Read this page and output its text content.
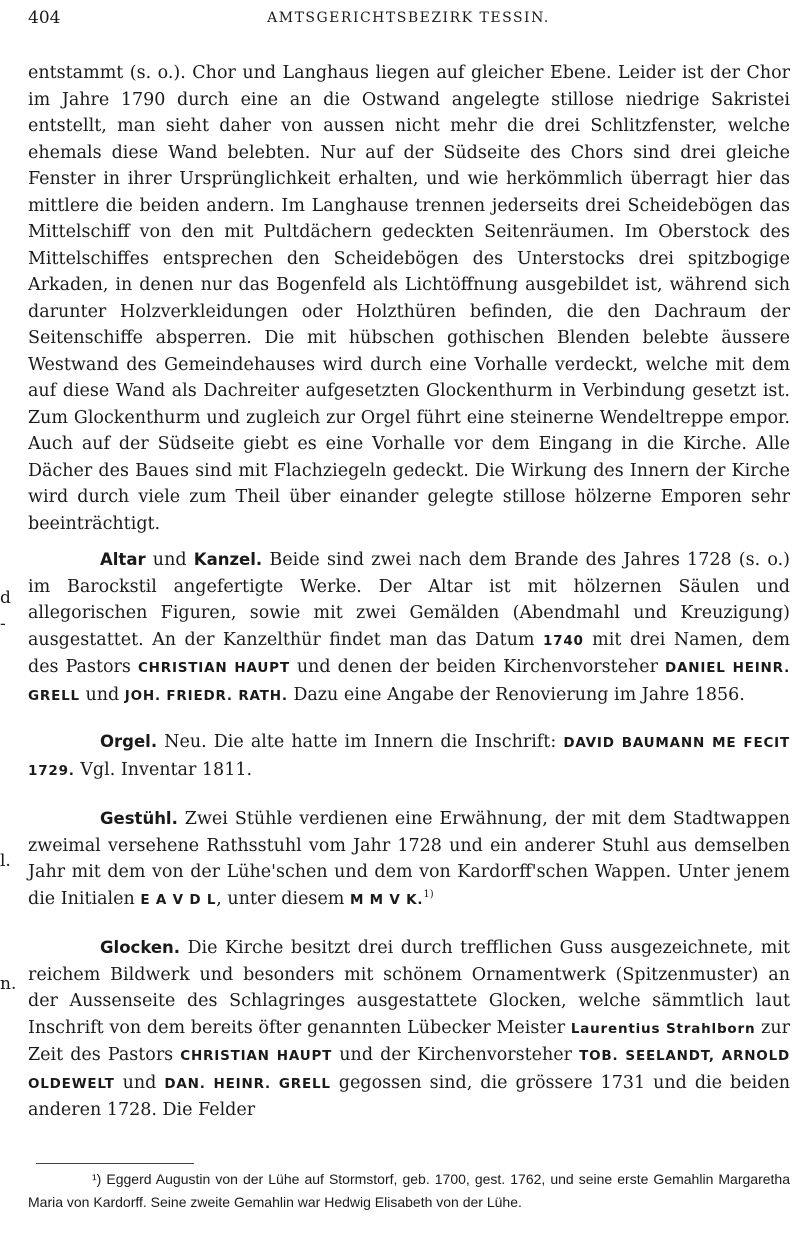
404	AMTSGERICHTSBEZIRK TESSIN.
d
-
l.
n.

entstammt (s. o.). Chor und Langhaus liegen auf gleicher Ebene. Leider ist der Chor im Jahre 1790 durch eine an die Ostwand angelegte stillose niedrige Sakristei entstellt, man sieht daher von aussen nicht mehr die drei Schlitzfenster, welche ehemals diese Wand belebten. Nur auf der Südseite des Chors sind drei gleiche Fenster in ihrer Ursprünglichkeit erhalten, und wie herkömmlich überragt hier das mittlere die beiden andern. Im Langhause trennen jederseits drei Scheidebögen das Mittelschiff von den mit Pultdächern gedeckten Seitenräumen. Im Oberstock des Mittelschiffes entsprechen den Scheidebögen des Unterstocks drei spitzbogige Arkaden, in denen nur das Bogenfeld als Lichtöffnung ausgebildet ist, während sich darunter Holzverkleidungen oder Holzthüren befinden, die den Dachraum der Seitenschiffe absperren. Die mit hübschen gothischen Blenden belebte äussere Westwand des Gemeindehauses wird durch eine Vorhalle verdeckt, welche mit dem auf diese Wand als Dachreiter aufgesetzten Glockenthurm in Verbindung gesetzt ist. Zum Glockenthurm und zugleich zur Orgel führt eine steinerne Wendeltreppe empor. Auch auf der Südseite giebt es eine Vorhalle vor dem Eingang in die Kirche. Alle Dächer des Baues sind mit Flachziegeln gedeckt. Die Wirkung des Innern der Kirche wird durch viele zum Theil über einander gelegte stillose hölzerne Emporen sehr beeinträchtigt.

Altar und Kanzel. Beide sind zwei nach dem Brande des Jahres 1728 (s. o.) im Barockstil angefertigte Werke. Der Altar ist mit hölzernen Säulen und allegorischen Figuren, sowie mit zwei Gemälden (Abendmahl und Kreuzigung) ausgestattet. An der Kanzelthür findet man das Datum 1740 mit drei Namen, dem des Pastors CHRISTIAN HAUPT und denen der beiden Kirchenvorsteher DANIEL HEINR. GRELL und JOH. FRIEDR. RATH. Dazu eine Angabe der Renovierung im Jahre 1856.

Orgel. Neu. Die alte hatte im Innern die Inschrift: DAVID BAUMANN ME FECIT 1729. Vgl. Inventar 1811.

Gestühl. Zwei Stühle verdienen eine Erwähnung, der mit dem Stadtwappen zweimal versehene Rathsstuhl vom Jahr 1728 und ein anderer Stuhl aus demselben Jahr mit dem von der Lühe'schen und dem von Kardorff'schen Wappen. Unter jenem die Initialen E A V D L, unter diesem M M V K.$^{1)}$

Glocken. Die Kirche besitzt drei durch trefflichen Guss ausgezeichnete, mit reichem Bildwerk und besonders mit schönem Ornamentwerk (Spitzenmuster) an der Aussenseite des Schlagringes ausgestattete Glocken, welche sämmtlich laut Inschrift von dem bereits öfter genannten Lübecker Meister Laurentius Strahlborn zur Zeit des Pastors CHRISTIAN HAUPT und der Kirchenvorsteher TOB. SEELANDT, ARNOLD OLDEWELT und DAN. HEINR. GRELL gegossen sind, die grössere 1731 und die beiden anderen 1728. Die Felder

¹) Eggerd Augustin von der Lühe auf Stormstorf, geb. 1700, gest. 1762, und seine erste Gemahlin Margaretha Maria von Kardorff. Seine zweite Gemahlin war Hedwig Elisabeth von der Lühe.
